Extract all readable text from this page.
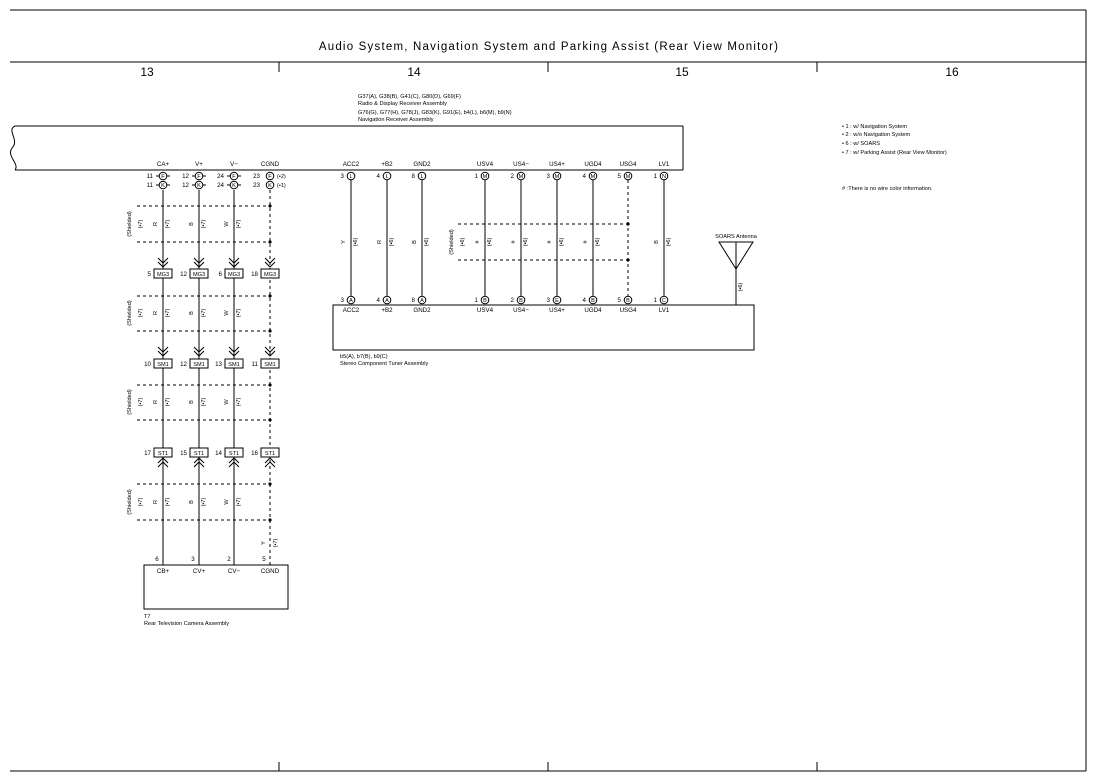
Audio System, Navigation System and Parking Assist (Rear View Monitor)
13	14	15	16
G37(A), G38(B), G41(C), G80(D), G69(F)
Radio & Display Receiver Assembly
G76(G), G77(H), G78(J), G83(K), G91(E), b4(L), b6(M), b9(N)
Navigation Receiver Assembly
• 1 : w/ Navigation System
• 2 : w/o Navigation System
• 6 : w/ SOARS
• 7 : w/ Parking Assist (Rear View Monitor)
# :There is no wire color information.
CA+	V+	V−	CGND
11	12	24	23
F	F	F	F (•2)
11	12	24	23
K	K	K	K (•1)
(Shielded) (•7) R (•7)	B (•7)	W (•7)
(Shielded) (•7) R (•7)	B (•7)	W (•7)
(Shielded) (•7) R (•7)	B (•7)	W (•7)
(Shielded) (•7) R (•7)	B (•7)	W (•7)
Y (•7)
MG3	MG3	MG3	MG3
5	12	6	18
SM1	SM1	SM1	SM1
10	12	13	11
ST1	ST1	ST1	ST1
17	15	14	16
6	3	2	5
CB+	CV+	CV−	CGND
T7
Rear Television Camera Assembly
ACC2	+B2	GND2	USV4	US4−	US4+	UGD4	USG4	LV1
L	L	L	M	M	M	M	M	N
3	4	8	1	2	3	4	5	1
Y (•6)	R (•6)	B (•6)	(Shielded) (•6) # (•6)	# (•6)	# (•6)	# (•6)	B (•6)
A	A	A	B	B	E	B	B	C
3	4	8	1	2	3	4	5	1
ACC2	+B2	GND2	USV4	US4−	US4+	UGD4	USG4	LV1
b5(A), b7(B), b9(C)
Stereo Component Tuner Assembly
SOARS Antenna
(•6)
